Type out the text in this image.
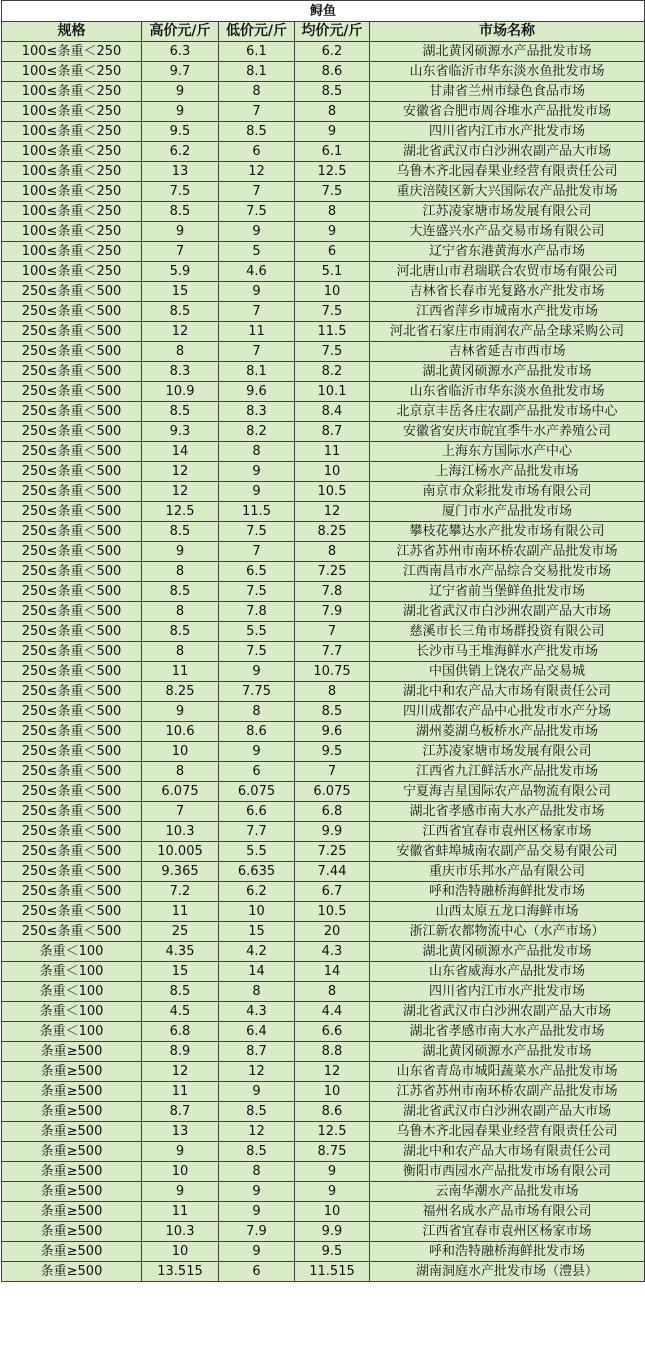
鲟鱼				
规格	高价元/斤	低价元/斤	均价元/斤	市场名称
100≤条重＜250	6.3	6.1	6.2	湖北黄冈硕源水产品批发市场
100≤条重＜250	9.7	8.1	8.6	山东省临沂市华东淡水鱼批发市场
100≤条重＜250	9	8	8.5	甘肃省兰州市绿色食品市场
100≤条重＜250	9	7	8	安徽省合肥市周谷堆水产品批发市场
100≤条重＜250	9.5	8.5	9	四川省内江市水产批发市场
100≤条重＜250	6.2	6	6.1	湖北省武汉市白沙洲农副产品大市场
100≤条重＜250	13	12	12.5	乌鲁木齐北园春果业经营有限责任公司
100≤条重＜250	7.5	7	7.5	重庆涪陵区新大兴国际农产品批发市场
100≤条重＜250	8.5	7.5	8	江苏凌家塘市场发展有限公司
100≤条重＜250	9	9	9	大连盛兴水产品交易市场有限公司
100≤条重＜250	7	5	6	辽宁省东港黄海水产品市场
100≤条重＜250	5.9	4.6	5.1	河北唐山市君瑞联合农贸市场有限公司
250≤条重＜500	15	9	10	吉林省长春市光复路水产批发市场
250≤条重＜500	8.5	7	7.5	江西省萍乡市城南水产批发市场
250≤条重＜500	12	11	11.5	河北省石家庄市雨润农产品全球采购公司
250≤条重＜500	8	7	7.5	吉林省延吉市西市场
250≤条重＜500	8.3	8.1	8.2	湖北黄冈硕源水产品批发市场
250≤条重＜500	10.9	9.6	10.1	山东省临沂市华东淡水鱼批发市场
250≤条重＜500	8.5	8.3	8.4	北京京丰岳各庄农副产品批发市场中心
250≤条重＜500	9.3	8.2	8.7	安徽省安庆市皖宜季牛水产养殖公司
250≤条重＜500	14	8	11	上海东方国际水产中心
250≤条重＜500	12	9	10	上海江杨水产品批发市场
250≤条重＜500	12	9	10.5	南京市众彩批发市场有限公司
250≤条重＜500	12.5	11.5	12	厦门市水产品批发市场
250≤条重＜500	8.5	7.5	8.25	攀枝花攀达水产批发市场有限公司
250≤条重＜500	9	7	8	江苏省苏州市南环桥农副产品批发市场
250≤条重＜500	8	6.5	7.25	江西南昌市水产品综合交易批发市场
250≤条重＜500	8.5	7.5	7.8	辽宁省前当堡鲜鱼批发市场
250≤条重＜500	8	7.8	7.9	湖北省武汉市白沙洲农副产品大市场
250≤条重＜500	8.5	5.5	7	慈溪市长三角市场群投资有限公司
250≤条重＜500	8	7.5	7.7	长沙市马王堆海鲜水产批发市场
250≤条重＜500	11	9	10.75	中国供销上饶农产品交易城
250≤条重＜500	8.25	7.75	8	湖北中和农产品大市场有限责任公司
250≤条重＜500	9	8	8.5	四川成都农产品中心批发市水产分场
250≤条重＜500	10.6	8.6	9.6	湖州菱湖乌板桥水产品批发市场
250≤条重＜500	10	9	9.5	江苏凌家塘市场发展有限公司
250≤条重＜500	8	6	7	江西省九江鲜活水产品批发市场
250≤条重＜500	6.075	6.075	6.075	宁夏海吉星国际农产品物流有限公司
250≤条重＜500	7	6.6	6.8	湖北省孝感市南大水产品批发市场
250≤条重＜500	10.3	7.7	9.9	江西省宜春市袁州区杨家市场
250≤条重＜500	10.005	5.5	7.25	安徽省蚌埠城南农副产品交易有限公司
250≤条重＜500	9.365	6.635	7.44	重庆市乐邦水产品有限公司
250≤条重＜500	7.2	6.2	6.7	呼和浩特融桥海鲜批发市场
250≤条重＜500	11	10	10.5	山西太原五龙口海鲜市场
250≤条重＜500	25	15	20	浙江新农都物流中心（水产市场）
条重＜100	4.35	4.2	4.3	湖北黄冈硕源水产品批发市场
条重＜100	15	14	14	山东省威海水产品批发市场
条重＜100	8.5	8	8	四川省内江市水产批发市场
条重＜100	4.5	4.3	4.4	湖北省武汉市白沙洲农副产品大市场
条重＜100	6.8	6.4	6.6	湖北省孝感市南大水产品批发市场
条重≥500	8.9	8.7	8.8	湖北黄冈硕源水产品批发市场
条重≥500	12	12	12	山东省青岛市城阳蔬菜水产品批发市场
条重≥500	11	9	10	江苏省苏州市南环桥农副产品批发市场
条重≥500	8.7	8.5	8.6	湖北省武汉市白沙洲农副产品大市场
条重≥500	13	12	12.5	乌鲁木齐北园春果业经营有限责任公司
条重≥500	9	8.5	8.75	湖北中和农产品大市场有限责任公司
条重≥500	10	8	9	衡阳市西园水产品批发市场有限公司
条重≥500	9	9	9	云南华潮水产品批发市场
条重≥500	11	9	10	福州名成水产品市场有限公司
条重≥500	10.3	7.9	9.9	江西省宜春市袁州区杨家市场
条重≥500	10	9	9.5	呼和浩特融桥海鲜批发市场
条重≥500	13.515	6	11.515	湖南洞庭水产批发市场（澧县）
